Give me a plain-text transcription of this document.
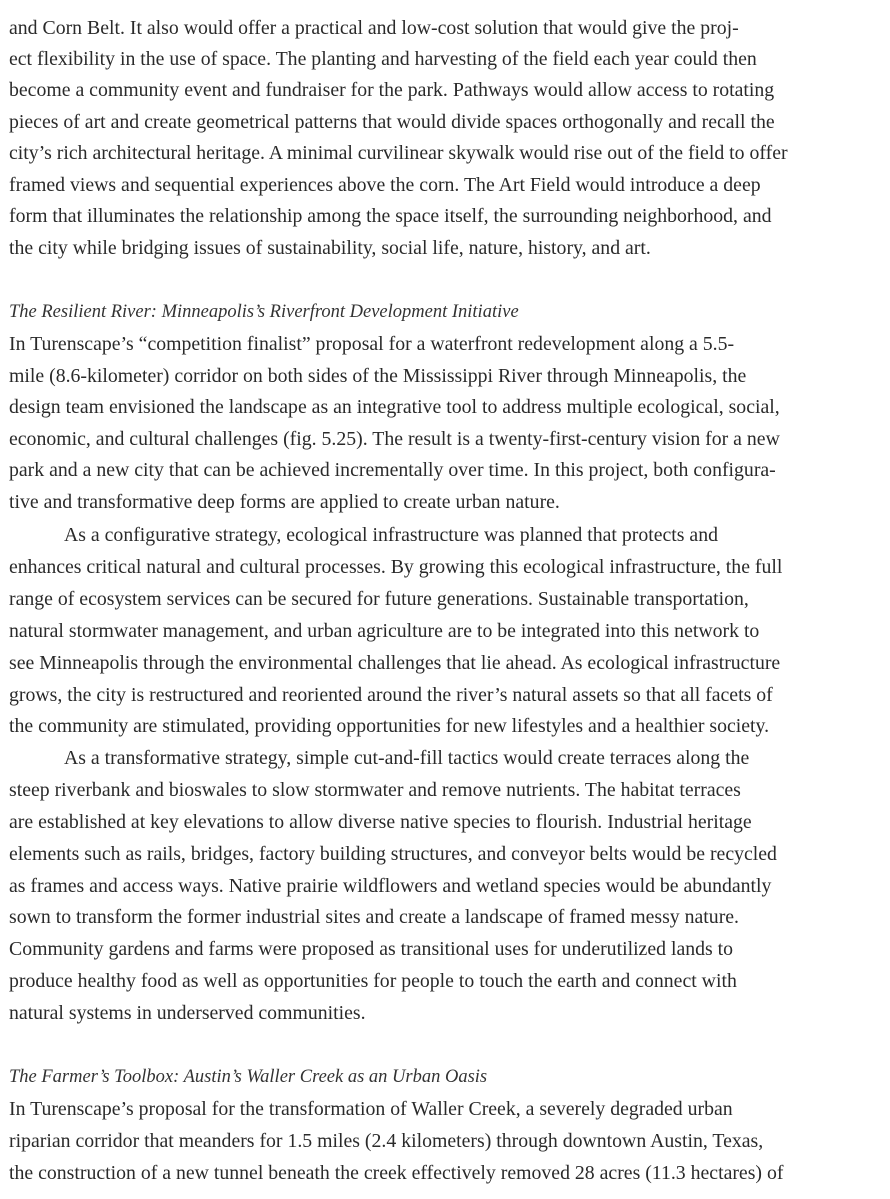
and Corn Belt. It also would offer a practical and low-cost solution that would give the proj-
ect flexibility in the use of space. The planting and harvesting of the field each year could then
become a community event and fundraiser for the park. Pathways would allow access to rotating
pieces of art and create geometrical patterns that would divide spaces orthogonally and recall the
city’s rich architectural heritage. A minimal curvilinear skywalk would rise out of the field to offer
framed views and sequential experiences above the corn. The Art Field would introduce a deep
form that illuminates the relationship among the space itself, the surrounding neighborhood, and
the city while bridging issues of sustainability, social life, nature, history, and art.
The Resilient River: Minneapolis’s Riverfront Development Initiative
In Turenscape’s “competition finalist” proposal for a waterfront redevelopment along a 5.5-
mile (8.6-kilometer) corridor on both sides of the Mississippi River through Minneapolis, the
design team envisioned the landscape as an integrative tool to address multiple ecological, social,
economic, and cultural challenges (fig. 5.25). The result is a twenty-first-century vision for a new
park and a new city that can be achieved incrementally over time. In this project, both configura-
tive and transformative deep forms are applied to create urban nature.
As a configurative strategy, ecological infrastructure was planned that protects and
enhances critical natural and cultural processes. By growing this ecological infrastructure, the full
range of ecosystem services can be secured for future generations. Sustainable transportation,
natural stormwater management, and urban agriculture are to be integrated into this network to
see Minneapolis through the environmental challenges that lie ahead. As ecological infrastructure
grows, the city is restructured and reoriented around the river’s natural assets so that all facets of
the community are stimulated, providing opportunities for new lifestyles and a healthier society.
As a transformative strategy, simple cut-and-fill tactics would create terraces along the
steep riverbank and bioswales to slow stormwater and remove nutrients. The habitat terraces
are established at key elevations to allow diverse native species to flourish. Industrial heritage
elements such as rails, bridges, factory building structures, and conveyor belts would be recycled
as frames and access ways. Native prairie wildflowers and wetland species would be abundantly
sown to transform the former industrial sites and create a landscape of framed messy nature.
Community gardens and farms were proposed as transitional uses for underutilized lands to
produce healthy food as well as opportunities for people to touch the earth and connect with
natural systems in underserved communities.
The Farmer’s Toolbox: Austin’s Waller Creek as an Urban Oasis
In Turenscape’s proposal for the transformation of Waller Creek, a severely degraded urban
riparian corridor that meanders for 1.5 miles (2.4 kilometers) through downtown Austin, Texas,
the construction of a new tunnel beneath the creek effectively removed 28 acres (11.3 hectares) of
